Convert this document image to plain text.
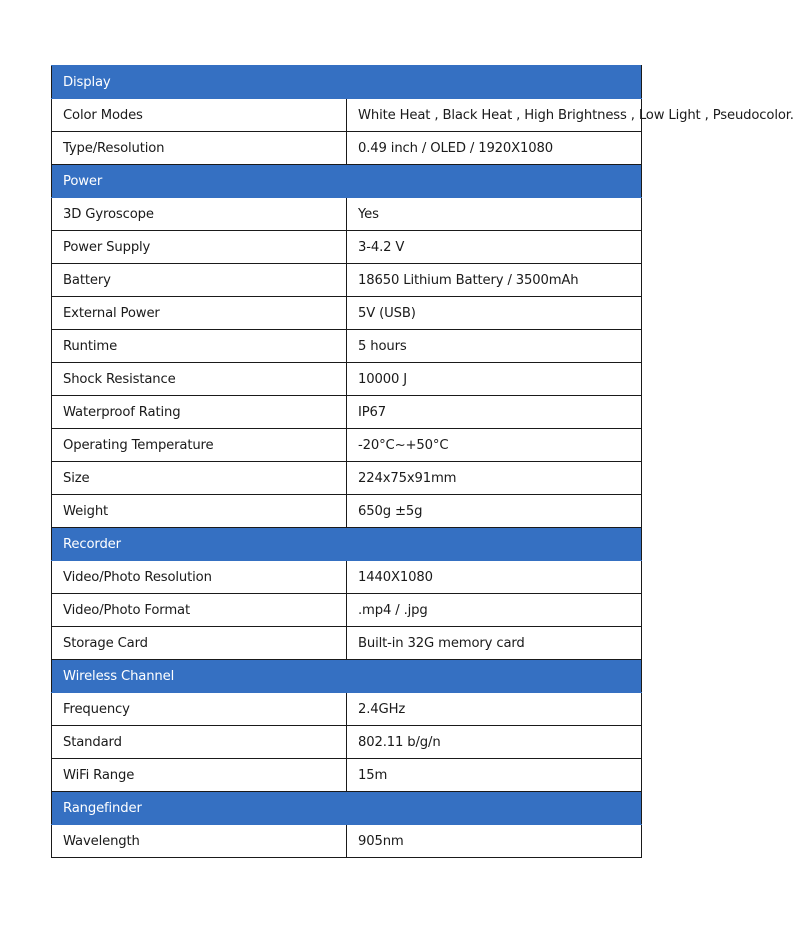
Display	
Color Modes	White Heat , Black Heat , High Brightness , Low Light , Pseudocolor.
Type/Resolution	0.49 inch / OLED / 1920X1080
Power	
3D Gyroscope	Yes
Power Supply	3-4.2 V
Battery	18650 Lithium Battery / 3500mAh
External Power	5V (USB)
Runtime	5 hours
Shock Resistance	10000 J
Waterproof Rating	IP67
Operating Temperature	-20°C~+50°C
Size	224x75x91mm
Weight	650g ±5g
Recorder	
Video/Photo Resolution	1440X1080
Video/Photo Format	.mp4 / .jpg
Storage Card	Built-in 32G memory card
Wireless Channel	
Frequency	2.4GHz
Standard	802.11 b/g/n
WiFi Range	15m
Rangefinder	
Wavelength	905nm
